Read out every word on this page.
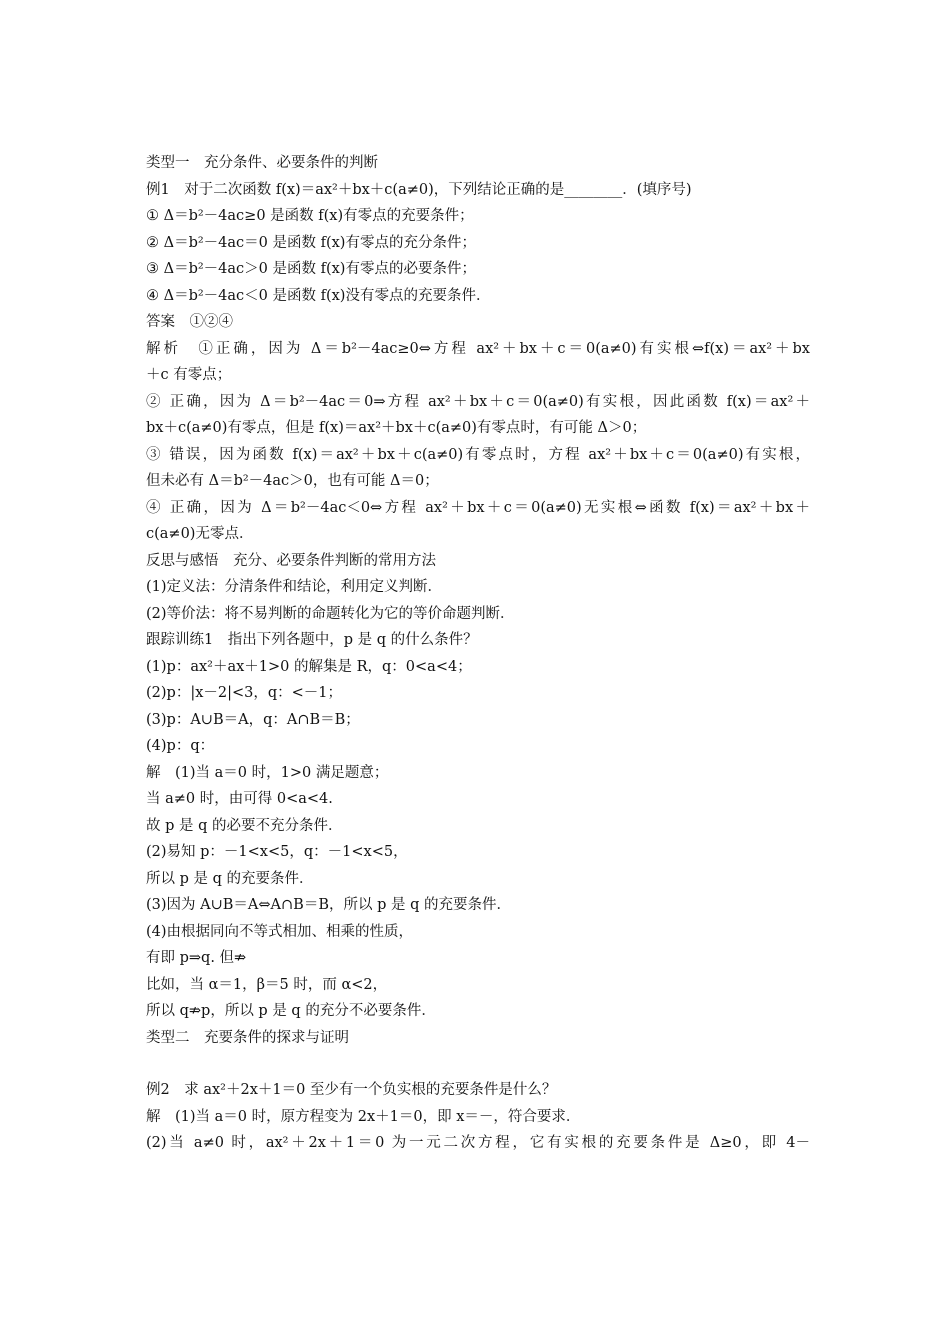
类型一　充分条件、必要条件的判断
例1　对于二次函数 f(x)＝ax²＋bx＋c(a≠0)，下列结论正确的是________．(填序号)
① Δ＝b²－4ac≥0 是函数 f(x)有零点的充要条件；
② Δ＝b²－4ac＝0 是函数 f(x)有零点的充分条件；
③ Δ＝b²－4ac＞0 是函数 f(x)有零点的必要条件；
④ Δ＝b²－4ac＜0 是函数 f(x)没有零点的充要条件．
答案　①②④
解析　①正确，因为 Δ＝b²－4ac≥0⇔方程 ax²＋bx＋c＝0(a≠0)有实根⇔f(x)＝ax²＋bx
＋c 有零点；
② 正确，因为 Δ＝b²－4ac＝0⇒方程 ax²＋bx＋c＝0(a≠0)有实根，因此函数 f(x)＝ax²＋
bx＋c(a≠0)有零点，但是 f(x)＝ax²＋bx＋c(a≠0)有零点时，有可能 Δ＞0；
③ 错误，因为函数 f(x)＝ax²＋bx＋c(a≠0)有零点时，方程 ax²＋bx＋c＝0(a≠0)有实根，
但未必有 Δ＝b²－4ac＞0，也有可能 Δ＝0；
④ 正确，因为 Δ＝b²－4ac＜0⇔方程 ax²＋bx＋c＝0(a≠0)无实根⇔函数 f(x)＝ax²＋bx＋
c(a≠0)无零点．
反思与感悟　充分、必要条件判断的常用方法
(1)定义法：分清条件和结论，利用定义判断．
(2)等价法：将不易判断的命题转化为它的等价命题判断．
跟踪训练1　指出下列各题中，p 是 q 的什么条件？
(1)p：ax²＋ax＋1>0 的解集是 R，q：0<a<4；
(2)p：|x－2|<3，q：<－1；
(3)p：A∪B＝A，q：A∩B＝B；
(4)p：q：
解　(1)当 a＝0 时，1>0 满足题意；
当 a≠0 时，由可得 0<a<4.
故 p 是 q 的必要不充分条件．
(2)易知 p：－1<x<5，q：－1<x<5，
所以 p 是 q 的充要条件．
(3)因为 A∪B＝A⇔A∩B＝B，所以 p 是 q 的充要条件．
(4)由根据同向不等式相加、相乘的性质，
有即 p⇒q. 但⇏
比如，当 α＝1，β＝5 时，而 α<2，
所以 q⇏p，所以 p 是 q 的充分不必要条件．
类型二　充要条件的探求与证明
例2　求 ax²＋2x＋1＝0 至少有一个负实根的充要条件是什么？
解　(1)当 a＝0 时，原方程变为 2x＋1＝0，即 x＝－，符合要求．
(2)当 a≠0 时，ax²＋2x＋1＝0 为一元二次方程，它有实根的充要条件是 Δ≥0，即 4－
